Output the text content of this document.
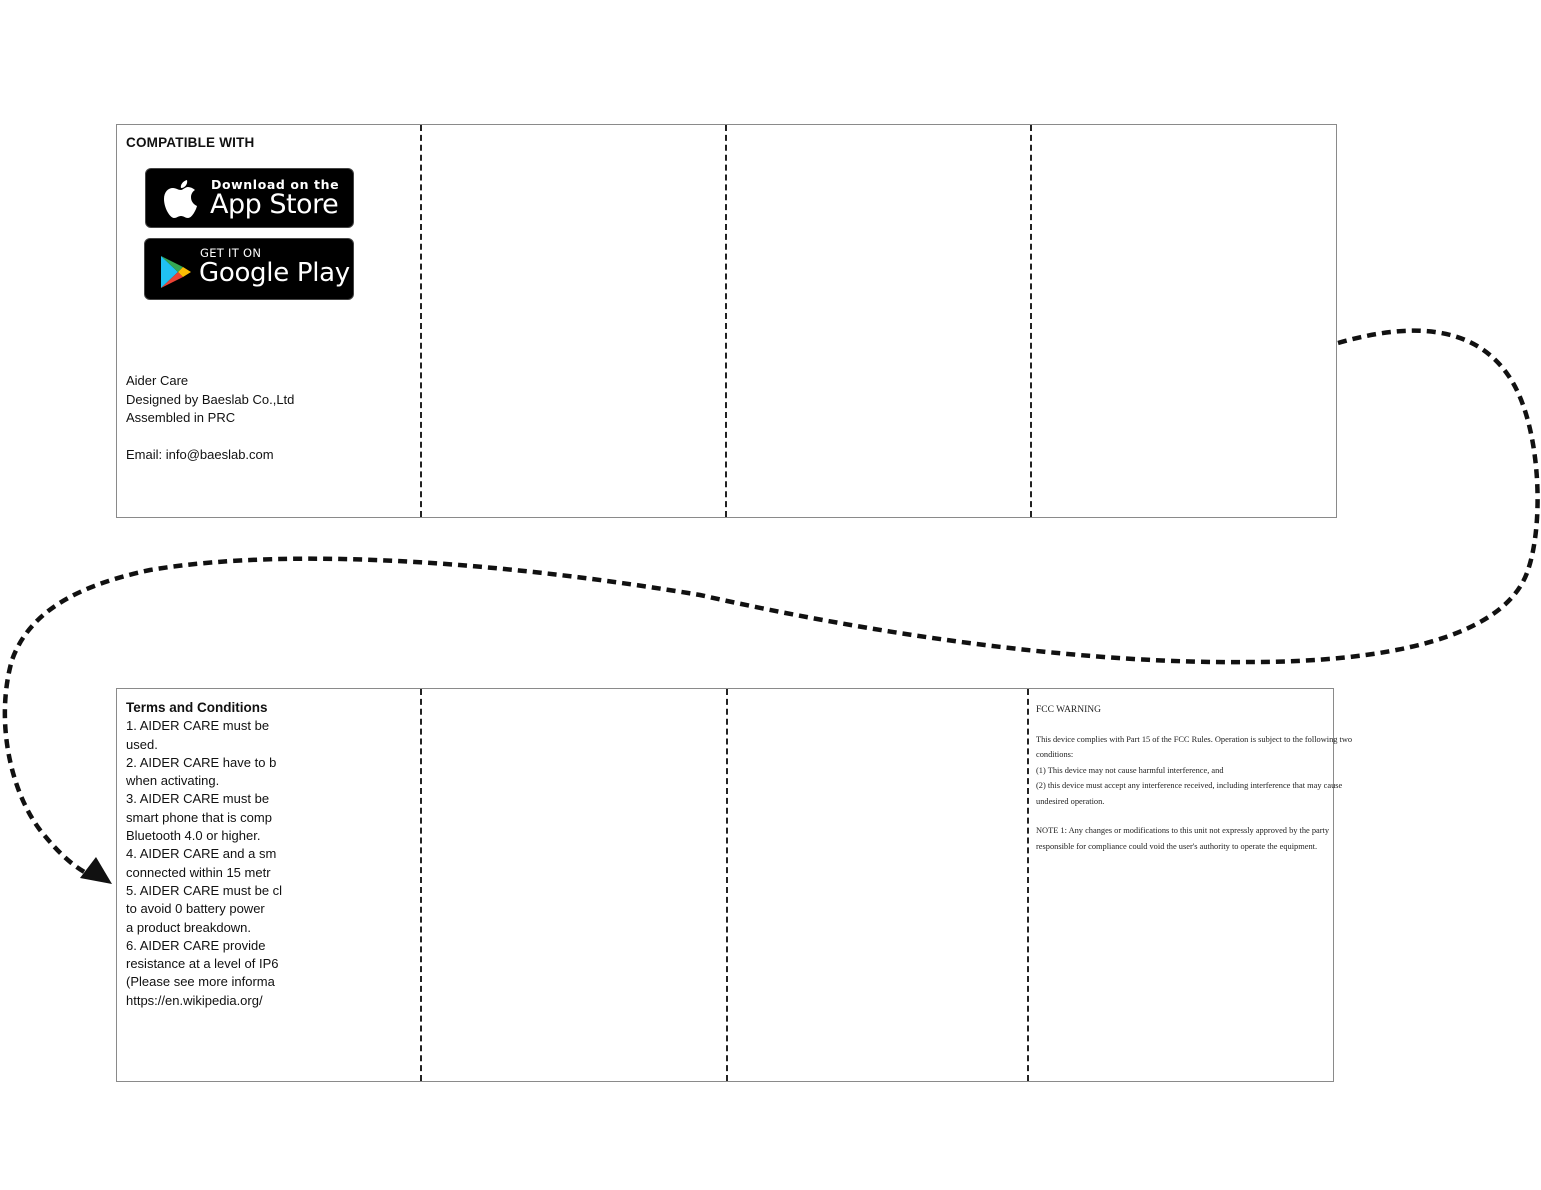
COMPATIBLE WITH
Download on the
App Store
GET IT ON
Google Play
Aider Care
Designed by Baeslab Co.,Ltd
Assembled in PRC
Email: info@baeslab.com
Terms and Conditions
1. AIDER CARE must be
used.
2. AIDER CARE have to b
when activating.
3. AIDER CARE must be
smart phone that is comp
Bluetooth 4.0 or higher.
4. AIDER CARE and a sm
connected within 15 metr
5. AIDER CARE must be cl
to avoid 0 battery power
a product breakdown.
6. AIDER CARE provide
resistance at a level of IP6
(Please see more informa
https://en.wikipedia.org/
FCC WARNING
This device complies with Part 15 of the FCC Rules. Operation is subject to the following two
conditions:
(1) This device may not cause harmful interference, and
(2) this device must accept any interference received, including interference that may cause
undesired operation.
NOTE 1: Any changes or modifications to this unit not expressly approved by the party
responsible for compliance could void the user's authority to operate the equipment.
